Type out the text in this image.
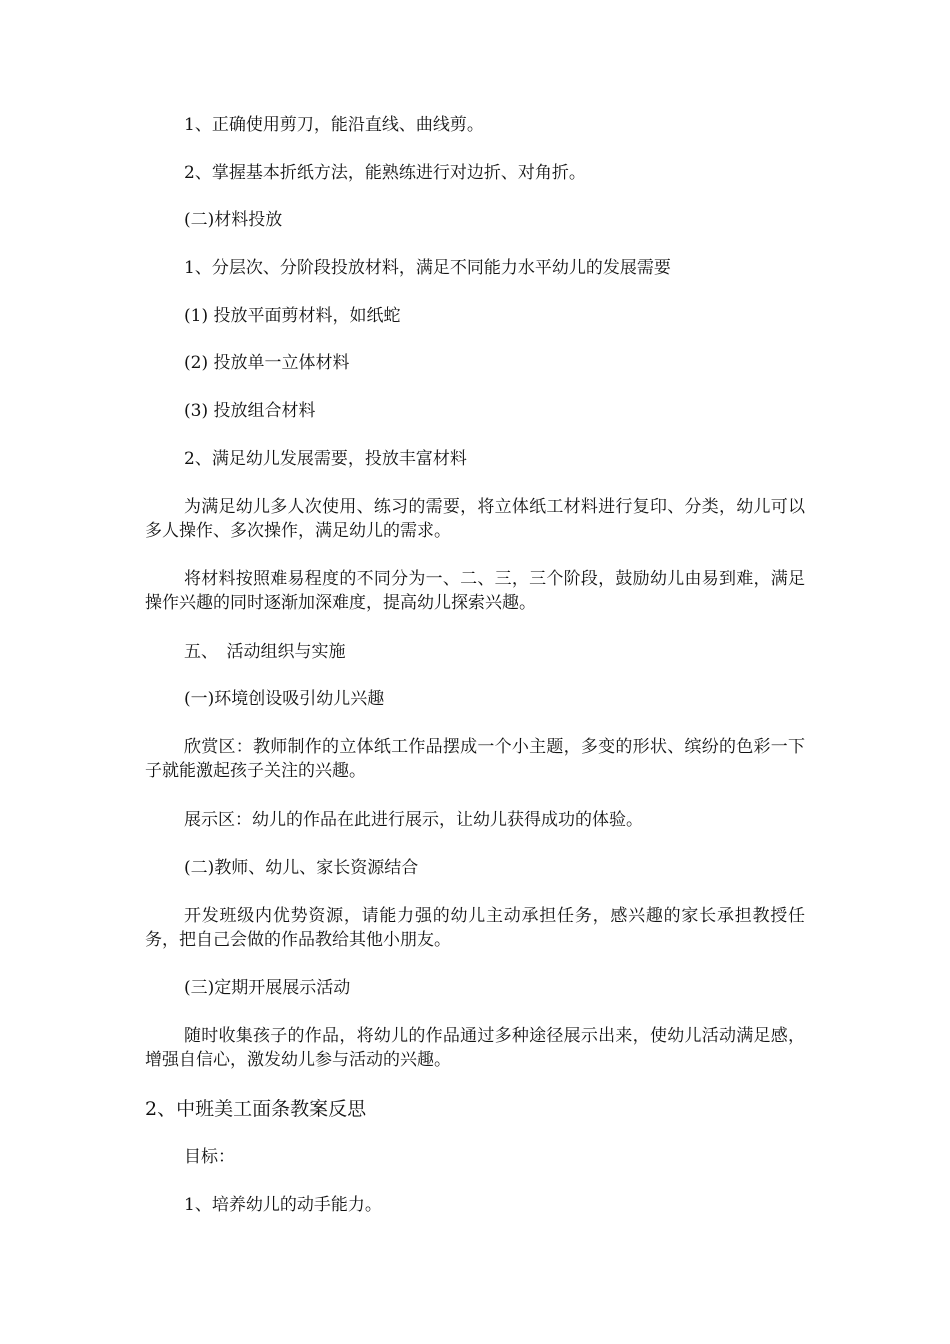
1、正确使用剪刀，能沿直线、曲线剪。
2、掌握基本折纸方法，能熟练进行对边折、对角折。
(二)材料投放
1、分层次、分阶段投放材料，满足不同能力水平幼儿的发展需要
(1) 投放平面剪材料，如纸蛇
(2) 投放单一立体材料
(3) 投放组合材料
2、满足幼儿发展需要，投放丰富材料
为满足幼儿多人次使用、练习的需要，将立体纸工材料进行复印、分类，幼儿可以多人操作、多次操作，满足幼儿的需求。
将材料按照难易程度的不同分为一、二、三，三个阶段，鼓励幼儿由易到难，满足操作兴趣的同时逐渐加深难度，提高幼儿探索兴趣。
五、　活动组织与实施
(一)环境创设吸引幼儿兴趣
欣赏区：教师制作的立体纸工作品摆成一个小主题，多变的形状、缤纷的色彩一下子就能激起孩子关注的兴趣。
展示区：幼儿的作品在此进行展示，让幼儿获得成功的体验。
(二)教师、幼儿、家长资源结合
开发班级内优势资源，请能力强的幼儿主动承担任务，感兴趣的家长承担教授任务，把自己会做的作品教给其他小朋友。
(三)定期开展展示活动
随时收集孩子的作品，将幼儿的作品通过多种途径展示出来，使幼儿活动满足感，增强自信心，激发幼儿参与活动的兴趣。
2、中班美工面条教案反思
目标：
1、培养幼儿的动手能力。
